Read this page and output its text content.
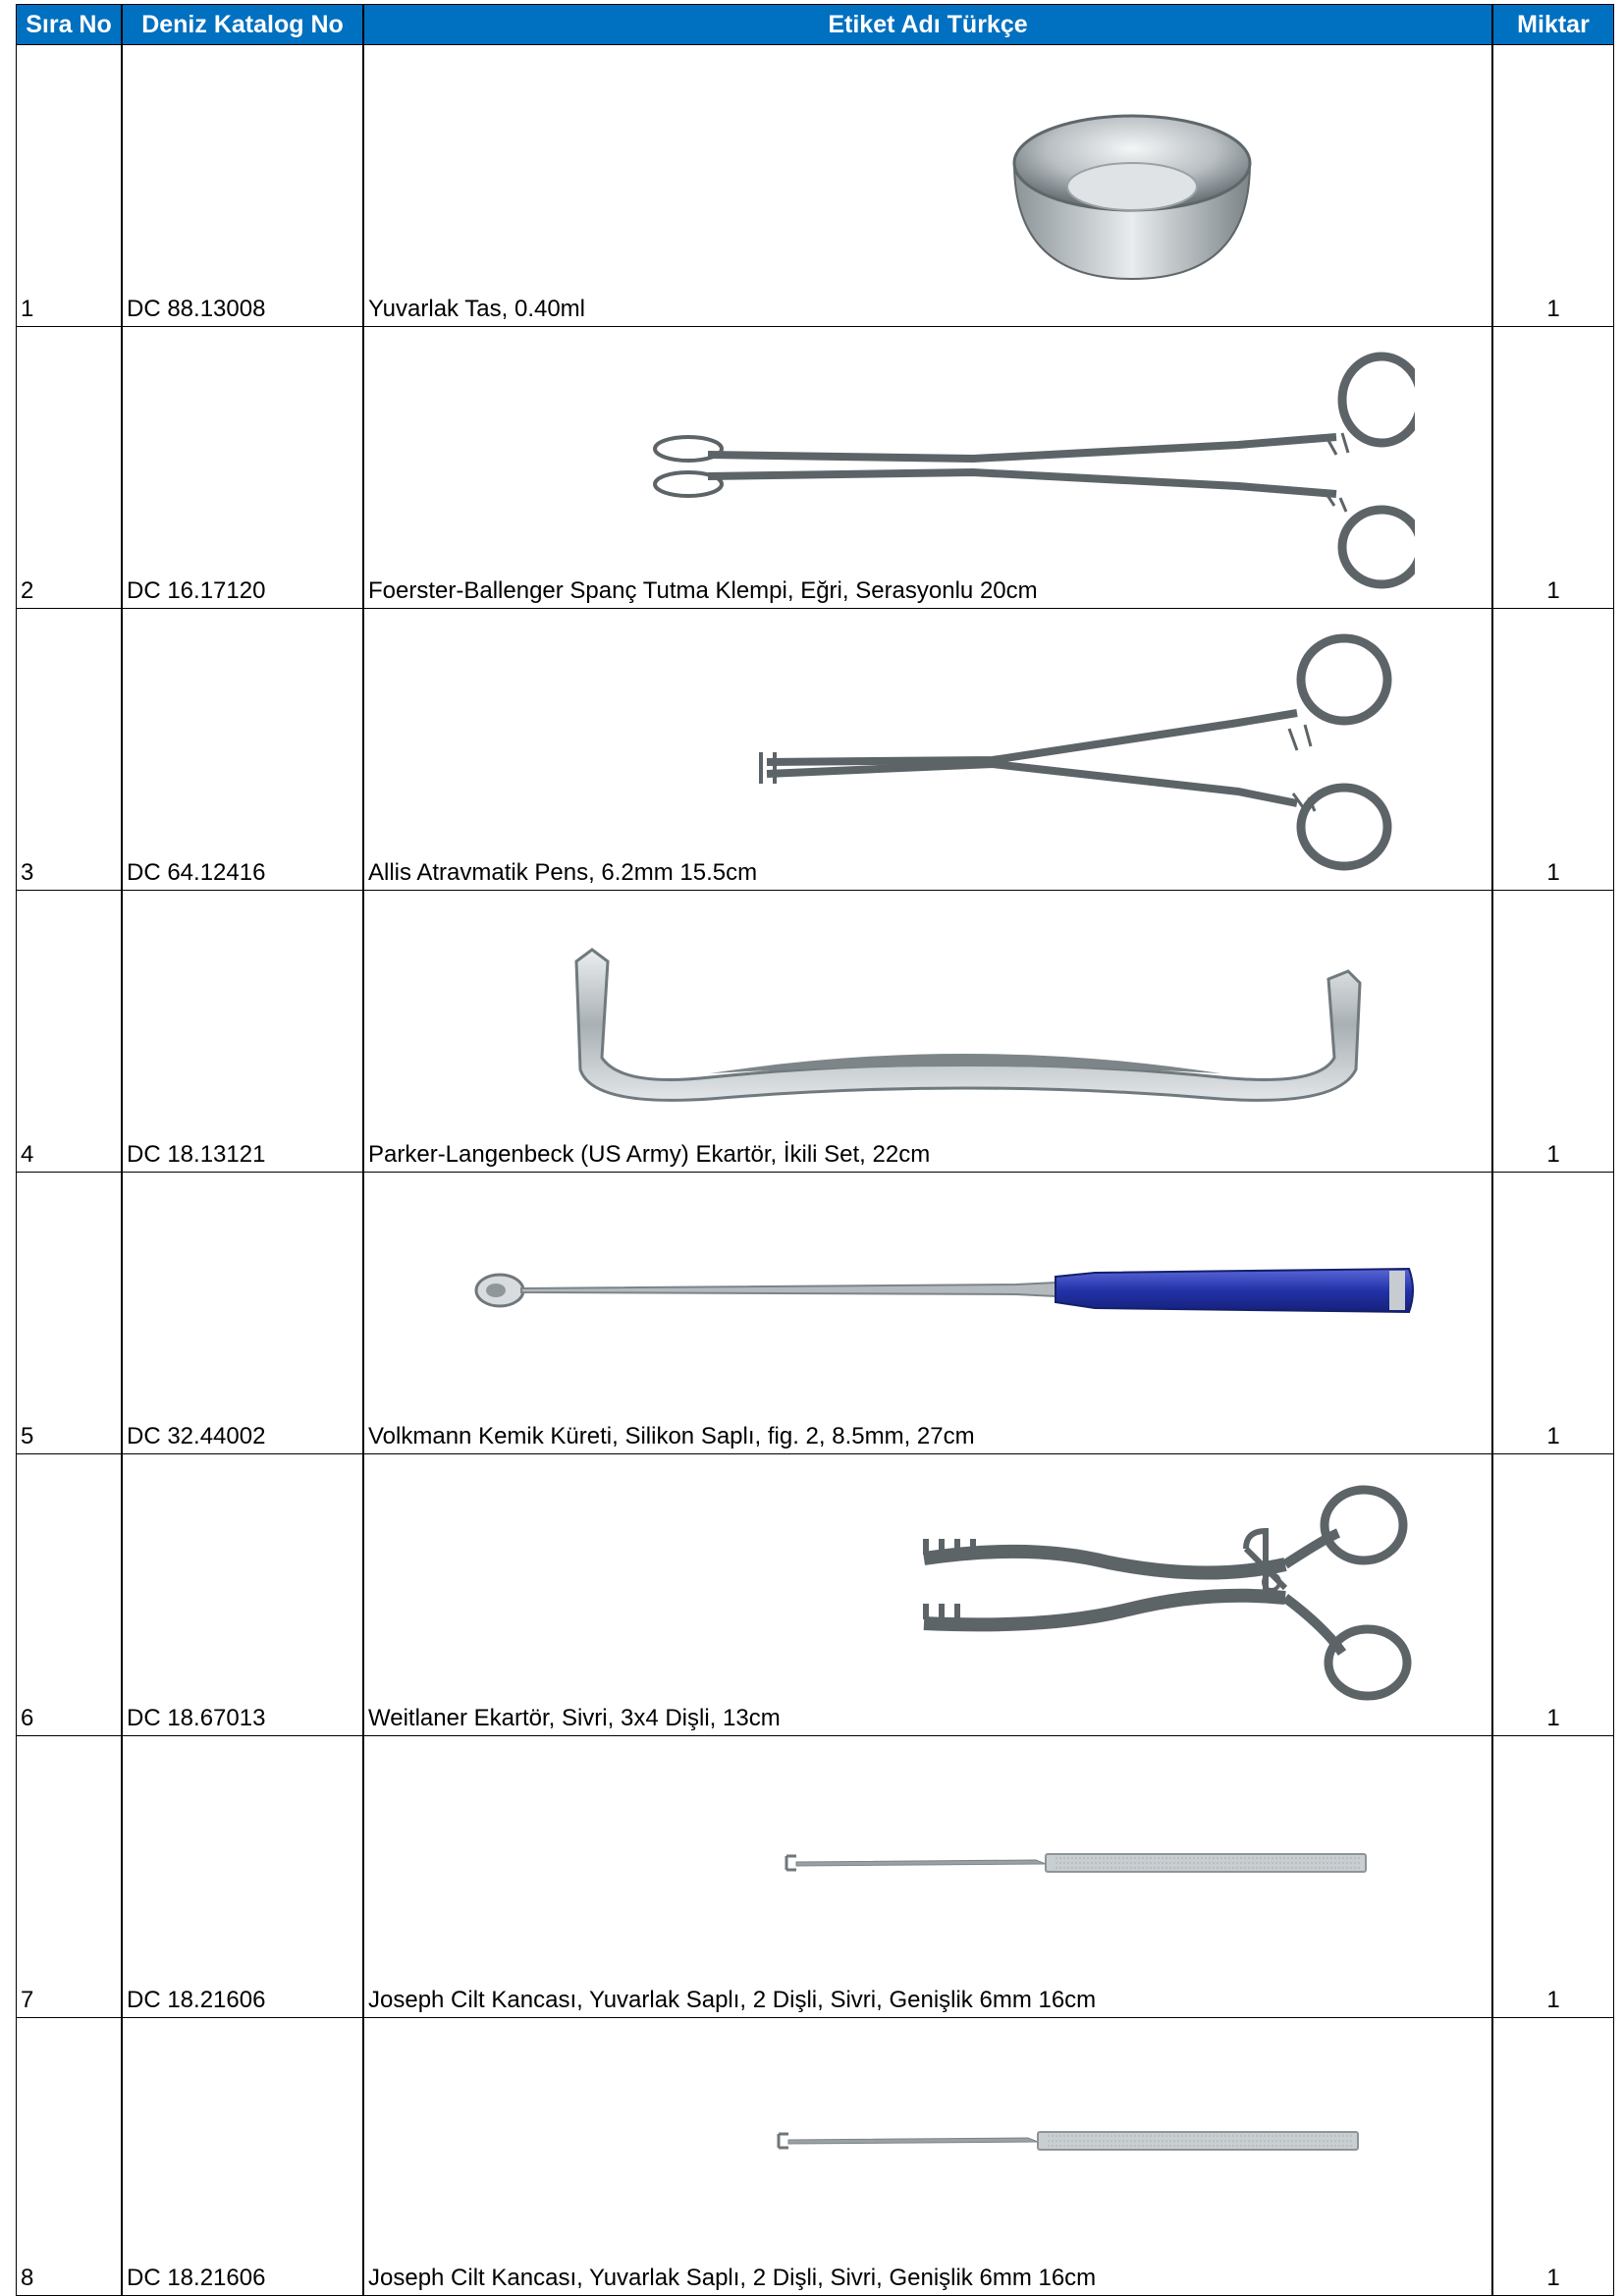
Sıra No	Deniz Katalog No	Etiket Adı Türkçe	Miktar
1	DC 88.13008	Yuvarlak Tas, 0.40ml	1
2	DC 16.17120	Foerster-Ballenger Spanç Tutma Klempi, Eğri, Serasyonlu 20cm	1
3	DC 64.12416	Allis Atravmatik Pens, 6.2mm 15.5cm	1
4	DC 18.13121	Parker-Langenbeck (US Army) Ekartör, İkili Set, 22cm	1
5	DC 32.44002	Volkmann Kemik Küreti, Silikon Saplı, fig. 2, 8.5mm, 27cm	1
6	DC 18.67013	Weitlaner Ekartör, Sivri, 3x4 Dişli, 13cm	1
7	DC 18.21606	Joseph Cilt Kancası, Yuvarlak Saplı, 2 Dişli, Sivri, Genişlik 6mm 16cm	1
8	DC 18.21606	Joseph Cilt Kancası, Yuvarlak Saplı, 2 Dişli, Sivri, Genişlik 6mm 16cm	1
